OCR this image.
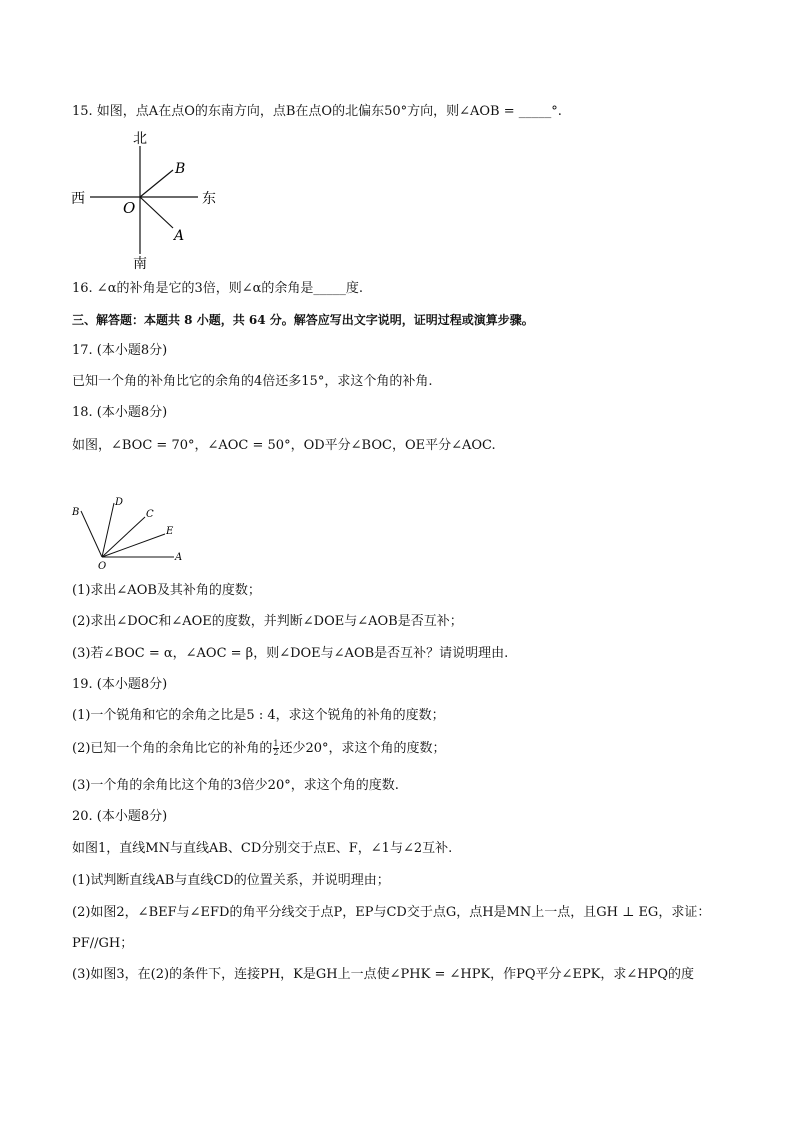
15. 如图，点A在点O的东南方向，点B在点O的北偏东50°方向，则∠AOB = _____°.
北
南
西	东
O
B
A
16. ∠α的补角是它的3倍，则∠α的余角是_____度.
三、解答题：本题共 8 小题，共 64 分。解答应写出文字说明，证明过程或演算步骤。
17. (本小题8分)
已知一个角的补角比它的余角的4倍还多15°，求这个角的补角.
18. (本小题8分)
如图，∠BOC = 70°，∠AOC = 50°，OD平分∠BOC，OE平分∠AOC.
B
D
C
E
A
O
(1)求出∠AOB及其补角的度数；
(2)求出∠DOC和∠AOE的度数，并判断∠DOE与∠AOB是否互补；
(3)若∠BOC = α，∠AOC = β，则∠DOE与∠AOB是否互补？请说明理由.
19. (本小题8分)
(1)一个锐角和它的余角之比是5 : 4，求这个锐角的补角的度数；
(2)已知一个角的余角比它的补角的 $\frac{1}{2}$ 还少20°，求这个角的度数；
(3)一个角的余角比这个角的3倍少20°，求这个角的度数.
20. (本小题8分)
如图1，直线MN与直线AB、CD分别交于点E、F，∠1与∠2互补.
(1)试判断直线AB与直线CD的位置关系，并说明理由；
(2)如图2，∠BEF与∠EFD的角平分线交于点P，EP与CD交于点G，点H是MN上一点，且GH ⊥ EG，求证：
PF//GH；
(3)如图3，在(2)的条件下，连接PH，K是GH上一点使∠PHK = ∠HPK，作PQ平分∠EPK，求∠HPQ的度
